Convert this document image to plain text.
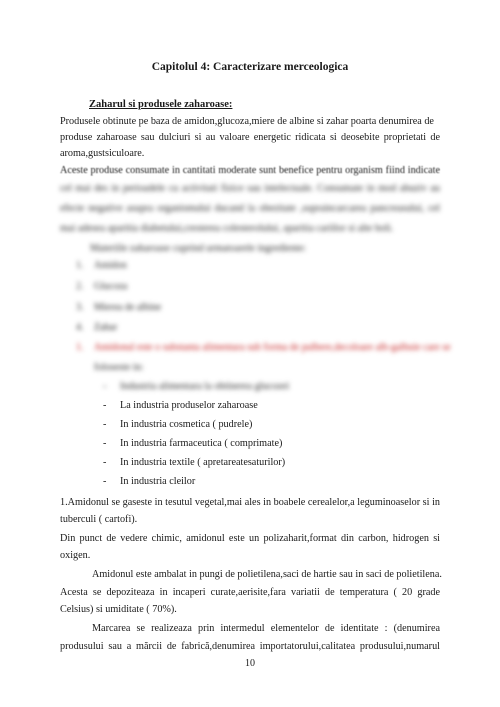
Capitolul 4: Caracterizare merceologica
Zaharul si produsele zaharoase:
Produsele obtinute pe baza de amidon,glucoza,miere de albine si zahar poarta denumirea de
produse zaharoase sau dulciuri si au valoare energetic ridicata si deosebite proprietati de
aroma,gustsiculoare.
Aceste produse consumate in cantitati moderate sunt benefice pentru organism fiind indicate
cel mai des in perioadele cu activitati fizice sau intelectuale. Consumate in mod abuziv au
efecte negative asupra organismului ducand la obezitate ,supraincarcarea pancreasului, cel
mai adesea aparitia diabetului,cresterea colesterolului, aparitia cariilor si alte boli.
Materiile zaharoase cuprind urmatoarele ingrediente:
1. Amidon
2. Glucoza
3. Mierea de albine
4. Zahar
1. Amidonul este o substanta alimentara sub forma de pulbere,decoloare alb-galbuie care se
foloseste in:
- Industria alimentara la obtinerea glucozei
- La industria produselor zaharoase
- In industria cosmetica ( pudrele)
- In industria farmaceutica ( comprimate)
- In industria textile ( apretareatesaturilor)
- In industria cleilor
1.Amidonul se gaseste in tesutul vegetal,mai ales in boabele cerealelor,a leguminoaselor si in
tuberculi ( cartofi).
Din punct de vedere chimic, amidonul este un polizaharit,format din carbon, hidrogen si
oxigen.
Amidonul este ambalat in pungi de polietilena,saci de hartie sau in saci de polietilena.
Acesta se depoziteaza in incaperi curate,aerisite,fara variatii de temperatura ( 20 grade
Celsius) si umiditate ( 70%).
Marcarea se realizeaza prin intermedul elementelor de identitate : (denumirea
produsului sau a mărcii de fabrică,denumirea importatorului,calitatea produsului,numarul
10
